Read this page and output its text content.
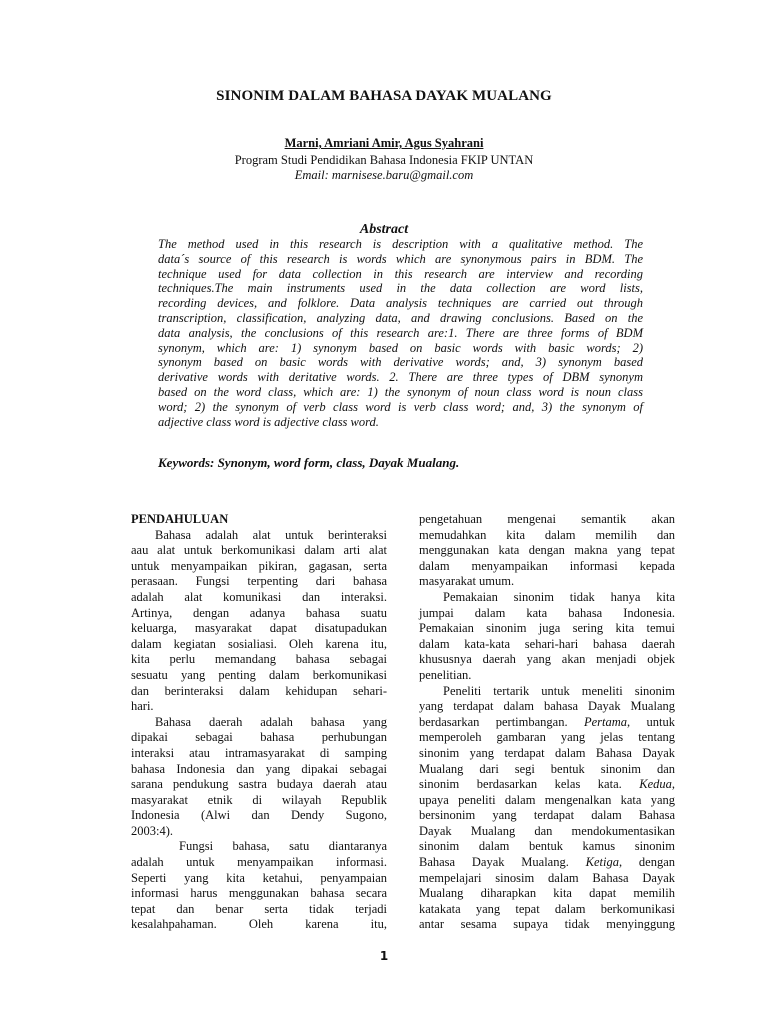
SINONIM DALAM BAHASA DAYAK MUALANG
Marni, Amriani Amir, Agus Syahrani
Program Studi Pendidikan Bahasa Indonesia FKIP UNTAN
Email: marnisese.baru@gmail.com
Abstract
The method used in this research is description with a qualitative method. The
data´s source of this research is words which are synonymous pairs in BDM. The
technique used for data collection in this research are interview and recording
techniques.The main instruments used in the data collection are word lists,
recording devices, and folklore. Data analysis techniques are carried out through
transcription, classification, analyzing data, and drawing conclusions. Based on the
data analysis, the conclusions of this research are:1. There are three forms of BDM
synonym, which are: 1) synonym based on basic words with basic words; 2)
synonym based on basic words with derivative words; and, 3) synonym based
derivative words with deritative words. 2. There are three types of DBM synonym
based on the word class, which are: 1) the synonym of noun class word is noun class
word; 2) the synonym of verb class word is verb class word; and, 3) the synonym of
adjective class word is adjective class word.
Keywords: Synonym, word form, class, Dayak Mualang.
PENDAHULUAN
Bahasa adalah alat untuk berinteraksi
aau alat untuk berkomunikasi dalam arti alat
untuk menyampaikan pikiran, gagasan, serta
perasaan. Fungsi terpenting dari bahasa
adalah alat komunikasi dan interaksi.
Artinya, dengan adanya bahasa suatu
keluarga, masyarakat dapat disatupadukan
dalam kegiatan sosialiasi. Oleh karena itu,
kita perlu memandang bahasa sebagai
sesuatu yang penting dalam berkomunikasi
dan berinteraksi dalam kehidupan sehari-
hari.
Bahasa daerah adalah bahasa yang
dipakai sebagai bahasa perhubungan
interaksi atau intramasyarakat di samping
bahasa Indonesia dan yang dipakai sebagai
sarana pendukung sastra budaya daerah atau
masyarakat etnik di wilayah Republik
Indonesia (Alwi dan Dendy Sugono,
2003:4).
Fungsi bahasa, satu diantaranya
adalah untuk menyampaikan informasi.
Seperti yang kita ketahui, penyampaian
informasi harus menggunakan bahasa secara
tepat dan benar serta tidak terjadi
kesalahpahaman. Oleh karena itu,
pengetahuan mengenai semantik akan
memudahkan kita dalam memilih dan
menggunakan kata dengan makna yang tepat
dalam menyampaikan informasi kepada
masyarakat umum.
Pemakaian sinonim tidak hanya kita
jumpai dalam kata bahasa Indonesia.
Pemakaian sinonim juga sering kita temui
dalam kata-kata sehari-hari bahasa daerah
khususnya daerah yang akan menjadi objek
penelitian.
Peneliti tertarik untuk meneliti sinonim
yang terdapat dalam bahasa Dayak Mualang
berdasarkan pertimbangan. Pertama, untuk
memperoleh gambaran yang jelas tentang
sinonim yang terdapat dalam Bahasa Dayak
Mualang dari segi bentuk sinonim dan
sinonim berdasarkan kelas kata. Kedua,
upaya peneliti dalam mengenalkan kata yang
bersinonim yang terdapat dalam Bahasa
Dayak Mualang dan mendokumentasikan
sinonim dalam bentuk kamus sinonim
Bahasa Dayak Mualang. Ketiga, dengan
mempelajari sinosim dalam Bahasa Dayak
Mualang diharapkan kita dapat memilih
katakata yang tepat dalam berkomunikasi
antar sesama supaya tidak menyinggung
1
